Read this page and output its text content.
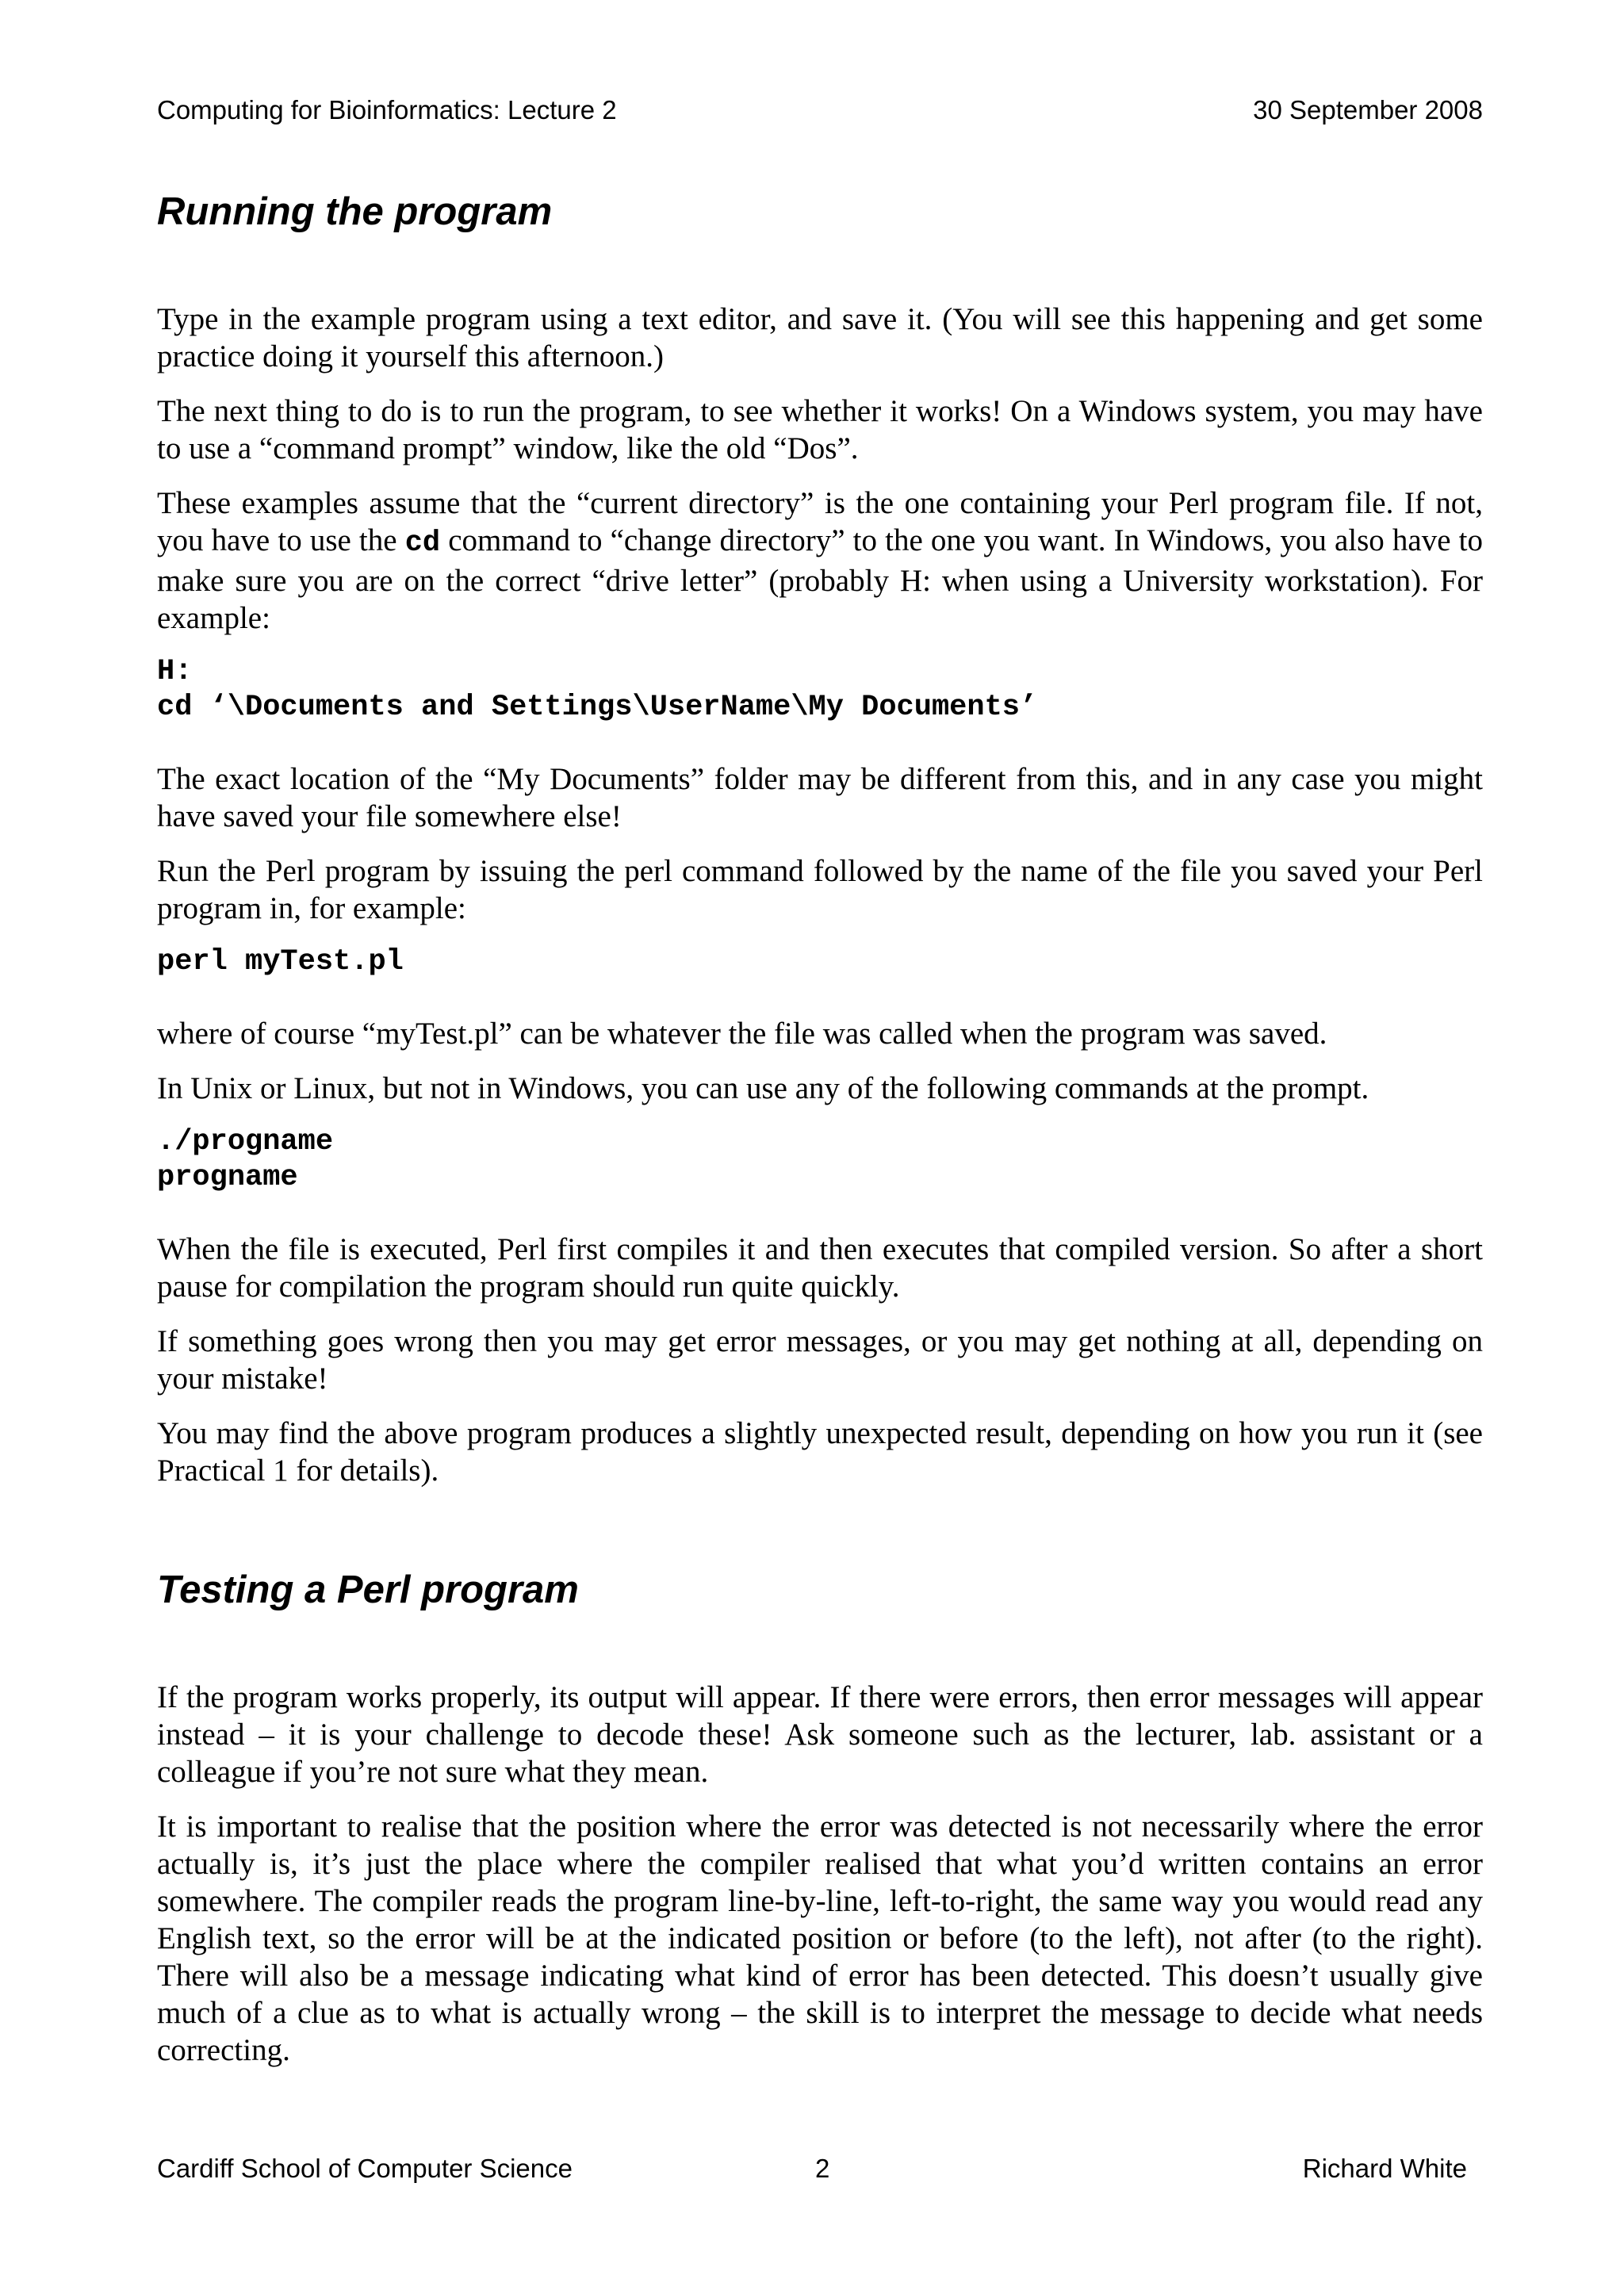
Computing for Bioinformatics: Lecture 2	30 September 2008
Running the program

Type in the example program using a text editor, and save it. (You will see this happening and get some practice doing it yourself this afternoon.)

The next thing to do is to run the program, to see whether it works! On a Windows system, you may have to use a “command prompt” window, like the old “Dos”.

These examples assume that the “current directory” is the one containing your Perl program file. If not, you have to use the cd command to “change directory” to the one you want. In Windows, you also have to make sure you are on the correct “drive letter” (probably H: when using a University workstation). For example:

H:
cd ‘\Documents and Settings\UserName\My Documents’

The exact location of the “My Documents” folder may be different from this, and in any case you might have saved your file somewhere else!

Run the Perl program by issuing the perl command followed by the name of the file you saved your Perl program in, for example:

perl myTest.pl

where of course “myTest.pl” can be whatever the file was called when the program was saved.

In Unix or Linux, but not in Windows, you can use any of the following commands at the prompt.

./progname
progname

When the file is executed, Perl first compiles it and then executes that compiled version. So after a short pause for compilation the program should run quite quickly.

If something goes wrong then you may get error messages, or you may get nothing at all, depending on your mistake!

You may find the above program produces a slightly unexpected result, depending on how you run it (see Practical 1 for details).

Testing a Perl program

If the program works properly, its output will appear. If there were errors, then error messages will appear instead – it is your challenge to decode these! Ask someone such as the lecturer, lab. assistant or a colleague if you’re not sure what they mean.

It is important to realise that the position where the error was detected is not necessarily where the error actually is, it’s just the place where the compiler realised that what you’d written contains an error somewhere. The compiler reads the program line-by-line, left-to-right, the same way you would read any English text, so the error will be at the indicated position or before (to the left), not after (to the right). There will also be a message indicating what kind of error has been detected. This doesn’t usually give much of a clue as to what is actually wrong – the skill is to interpret the message to decide what needs correcting.

Cardiff School of Computer Science	2	Richard White
